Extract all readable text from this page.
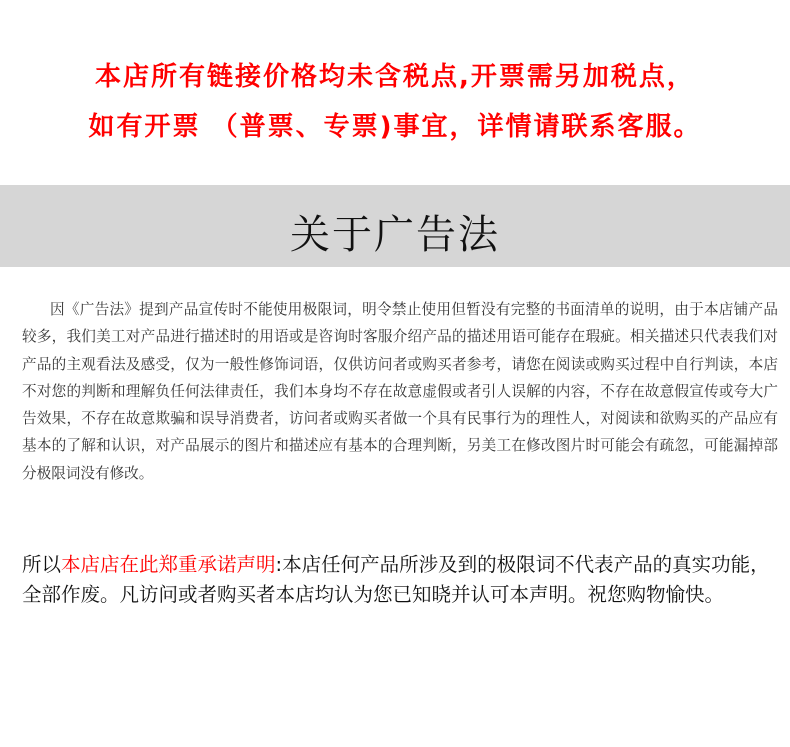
本店所有链接价格均未含税点,开票需另加税点，
如有开票 （普票、专票)事宜，详情请联系客服。
关于广告法

因《广告法》提到产品宣传时不能使用极限词，明令禁止使用但暂没有完整的书面清单的说明，由于本店铺产品较多，我们美工对产品进行描述时的用语或是咨询时客服介绍产品的描述用语可能存在瑕疵。相关描述只代表我们对产品的主观看法及感受，仅为一般性修饰词语，仅供访问者或购买者参考，请您在阅读或购买过程中自行判读，本店不对您的判断和理解负任何法律责任，我们本身均不存在故意虚假或者引人误解的内容，不存在故意假宣传或夸大广告效果，不存在故意欺骗和误导消费者，访问者或购买者做一个具有民事行为的理性人，对阅读和欲购买的产品应有基本的了解和认识，对产品展示的图片和描述应有基本的合理判断，另美工在修改图片时可能会有疏忽，可能漏掉部分极限词没有修改。

所以本店店在此郑重承诺声明:本店任何产品所涉及到的极限词不代表产品的真实功能，全部作废。凡访问或者购买者本店均认为您已知晓并认可本声明。祝您购物愉快。
